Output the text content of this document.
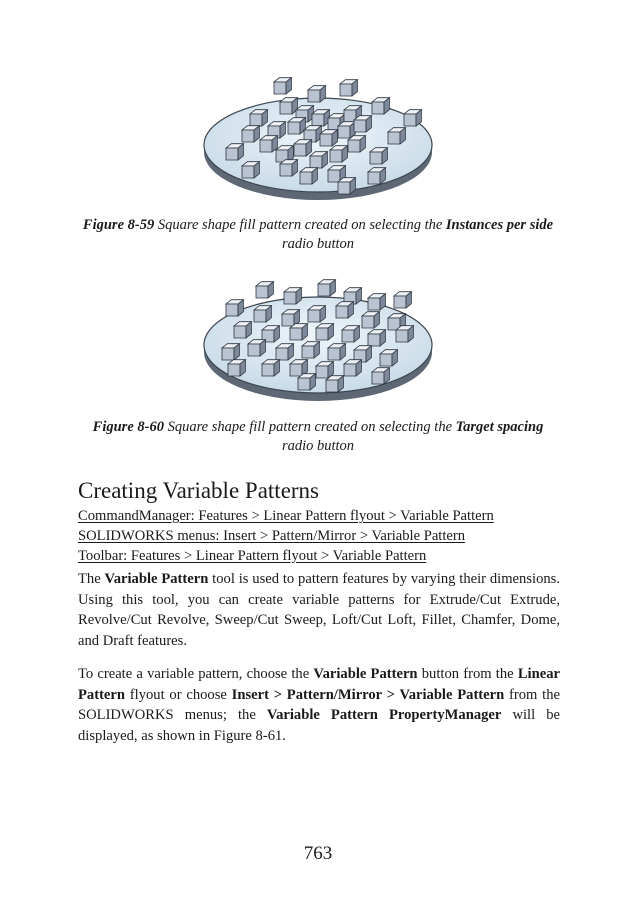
Figure 8-59 Square shape fill pattern created on selecting the Instances per side radio button
Figure 8-60 Square shape fill pattern created on selecting the Target spacing radio button
Creating Variable Patterns
CommandManager: Features > Linear Pattern flyout > Variable Pattern
SOLIDWORKS menus: Insert > Pattern/Mirror > Variable Pattern
Toolbar: Features > Linear Pattern flyout > Variable Pattern

The Variable Pattern tool is used to pattern features by varying their dimensions. Using this tool, you can create variable patterns for Extrude/Cut Extrude, Revolve/Cut Revolve, Sweep/Cut Sweep, Loft/Cut Loft, Fillet, Chamfer, Dome, and Draft features.

To create a variable pattern, choose the Variable Pattern button from the Linear Pattern flyout or choose Insert > Pattern/Mirror > Variable Pattern from the SOLIDWORKS menus; the Variable Pattern PropertyManager will be displayed, as shown in Figure 8-61.

763
